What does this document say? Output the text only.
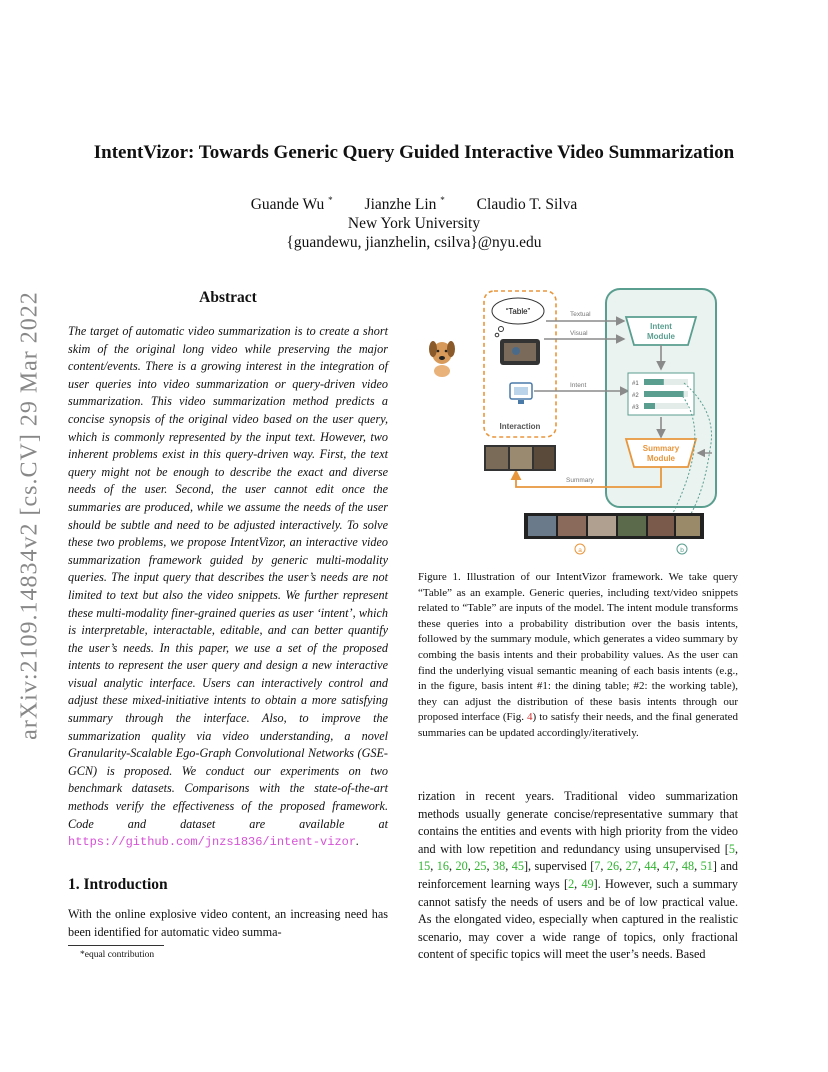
IntentVizor: Towards Generic Query Guided Interactive Video Summarization
Guande Wu * Jianzhe Lin * Claudio T. Silva
New York University
{guandewu, jianzhelin, csilva}@nyu.edu
arXiv:2109.14834v2 [cs.CV] 29 Mar 2022	Abstract
The target of automatic video summarization is to create a short skim of the original long video while preserving the major content/events. There is a growing interest in the integration of user queries into video summarization or query-driven video summarization. This video summarization method predicts a concise synopsis of the original video based on the user query, which is commonly represented by the input text. However, two inherent problems exist in this query-driven way. First, the text query might not be enough to describe the exact and diverse needs of the user. Second, the user cannot edit once the summaries are produced, while we assume the needs of the user should be subtle and need to be adjusted interactively. To solve these two problems, we propose IntentVizor, an interactive video summarization framework guided by generic multi-modality queries. The input query that describes the user’s needs are not limited to text but also the video snippets. We further represent these multi-modality finer-grained queries as user ‘intent’, which is interpretable, interactable, editable, and can better quantify the user’s needs. In this paper, we use a set of the proposed intents to represent the user query and design a new interactive visual analytic interface. Users can interactively control and adjust these mixed-initiative intents to obtain a more satisfying summary through the interface. Also, to improve the summarization quality via video understanding, a novel Granularity-Scalable Ego-Graph Convolutional Networks (GSE-GCN) is proposed. We conduct our experiments on two benchmark datasets. Comparisons with the state-of-the-art methods verify the effectiveness of the proposed framework. Code and dataset are available at https://github.com/jnzs1836/intent-vizor.
1. Introduction
With the online explosive video content, an increasing need has been identified for automatic video summa-
*equal contribution
“Table”
Interaction
Textual
Visual
Intent
Intent
Module
#1
#2
#3
Summary
Module
Summary
a	b
Figure 1. Illustration of our IntentVizor framework. We take query “Table” as an example. Generic queries, including text/video snippets related to “Table” are inputs of the model. The intent module transforms these queries into a probability distribution over the basis intents, followed by the summary module, which generates a video summary by combing the basis intents and their probability values. As the user can find the underlying visual semantic meaning of each basis intents (e.g., in the figure, basis intent #1: the dining table; #2: the working table), they can adjust the distribution of these basis intents through our proposed interface (Fig. 4) to satisfy their needs, and the final generated summaries can be updated accordingly/iteratively.
rization in recent years. Traditional video summarization methods usually generate concise/representative summary that contains the entities and events with high priority from the video and with low repetition and redundancy using unsupervised [5, 15, 16, 20, 25, 38, 45], supervised [7, 26, 27, 44, 47, 48, 51] and reinforcement learning ways [2, 49]. However, such a summary cannot satisfy the needs of users and be of low practical value. As the elongated video, especially when captured in the realistic scenario, may cover a wide range of topics, only fractional content of specific topics will meet the user’s needs. Based
